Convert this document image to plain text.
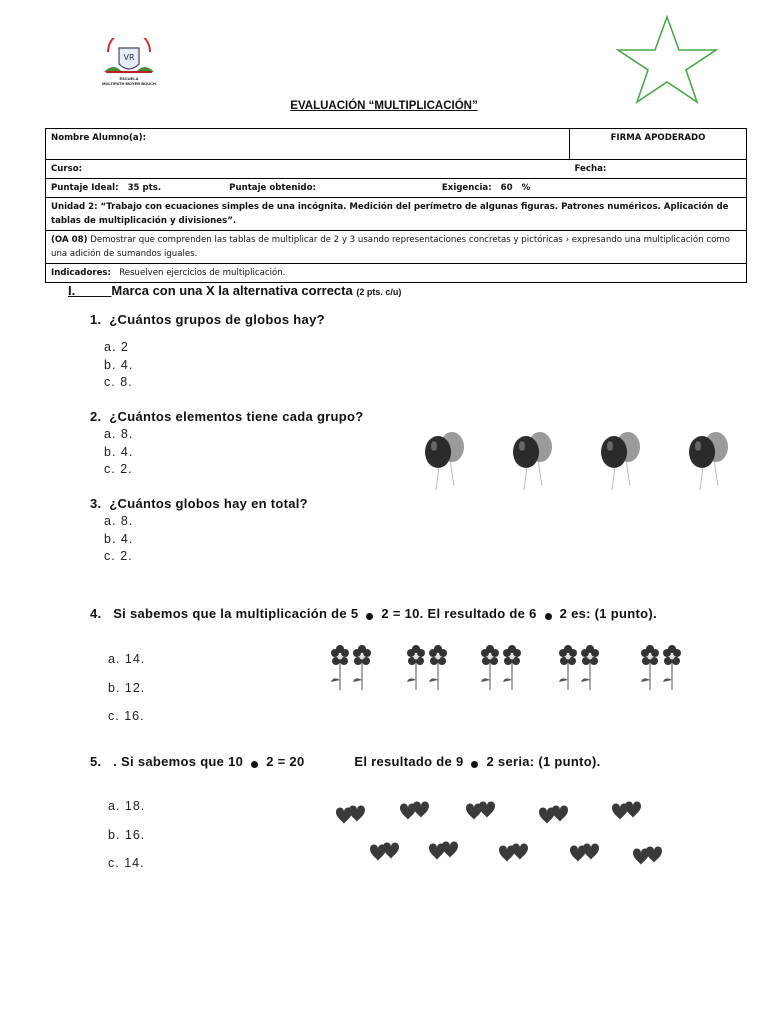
VR
ESCUELA
MULTIPATH MOYER BOUCH
EVALUACIÓN “MULTIPLICACIÓN”
Nombre Alumno(a):	FIRMA APODERADO
Curso:	Fecha:
Puntaje Ideal: 35 pts. Puntaje obtenido: Exigencia: 60 %	
Unidad 2: “Trabajo con ecuaciones simples de una incógnita. Medición del perímetro de algunas figuras. Patrones numéricos. Aplicación de tablas de multiplicación y divisiones”.	
(OA 08) Demostrar que comprenden las tablas de multiplicar de 2 y 3 usando representaciones concretas y pictóricas › expresando una multiplicación como una adición de sumandos iguales.	
Indicadores: Resuelven ejercicios de multiplicación.	
I._____Marca con una X la alternativa correcta (2 pts. c/u)
1. ¿Cuántos grupos de globos hay?
a. 2
b. 4.
c. 8.
2. ¿Cuántos elementos tiene cada grupo?
a. 8.
b. 4.
c. 2.
3. ¿Cuántos globos hay en total?
a. 8.
b. 4.
c. 2.
4. Si sabemos que la multiplicación de 5 2 = 10. El resultado de 6 2 es: (1 punto).
a. 14.
b. 12.
c. 16.
5. . Si sabemos que 10 2 = 20	El resultado de 9 2 seria: (1 punto).
a. 18.
b. 16.
c. 14.
